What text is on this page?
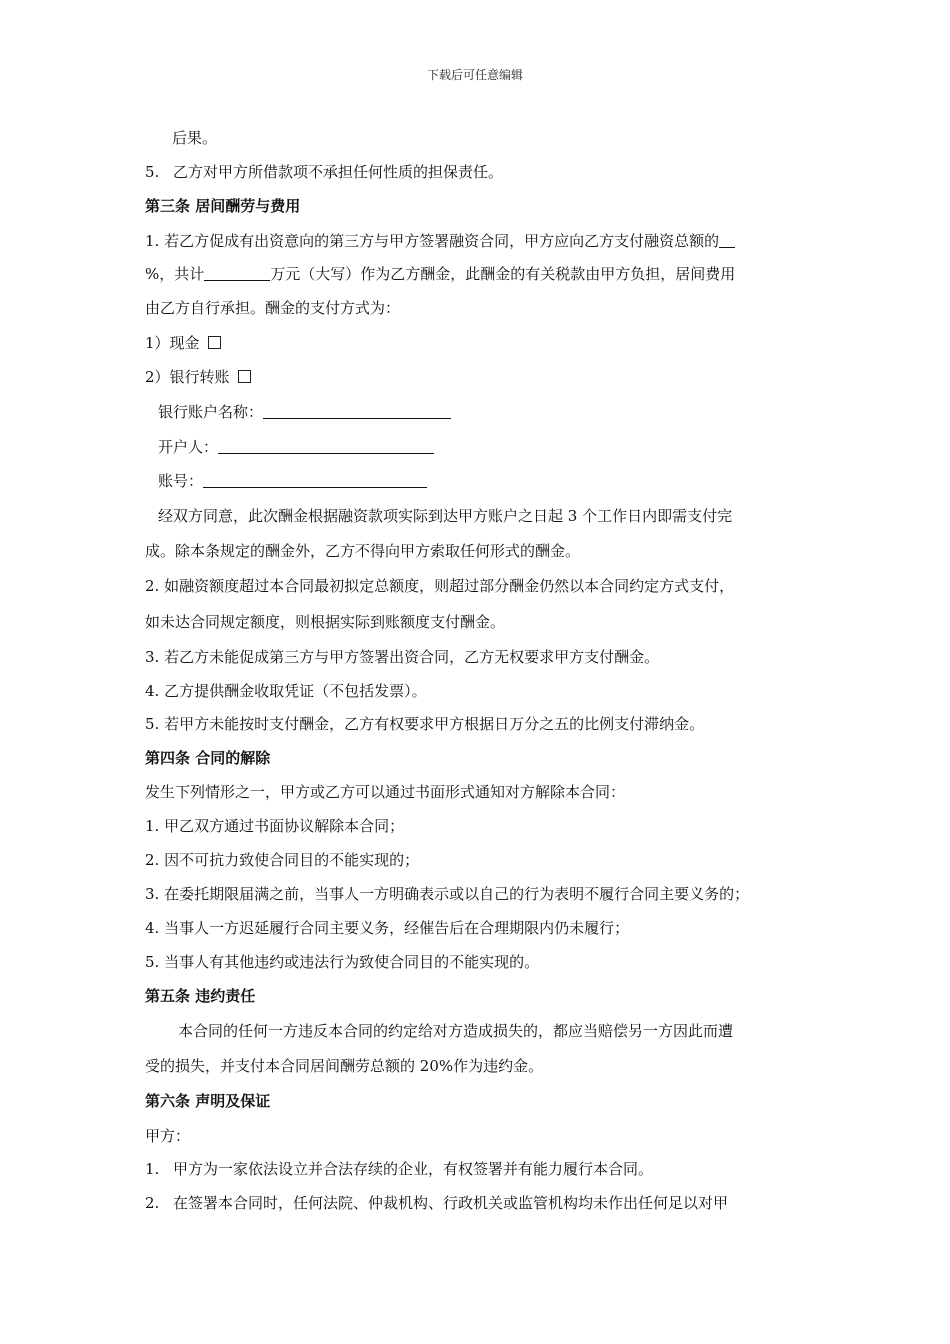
下载后可任意编辑
后果。
5. 乙方对甲方所借款项不承担任何性质的担保责任。
第三条 居间酬劳与费用
1. 若乙方促成有出资意向的第三方与甲方签署融资合同，甲方应向乙方支付融资总额的
%，共计	万元（大写）作为乙方酬金，此酬金的有关税款由甲方负担，居间费用
由乙方自行承担。酬金的支付方式为：
1）现金
2）银行转账
银行账户名称：
开户人：
账号：
经双方同意，此次酬金根据融资款项实际到达甲方账户之日起 3 个工作日内即需支付完
成。除本条规定的酬金外，乙方不得向甲方索取任何形式的酬金。
2. 如融资额度超过本合同最初拟定总额度，则超过部分酬金仍然以本合同约定方式支付，
如未达合同规定额度，则根据实际到账额度支付酬金。
3. 若乙方未能促成第三方与甲方签署出资合同，乙方无权要求甲方支付酬金。
4. 乙方提供酬金收取凭证（不包括发票）。
5. 若甲方未能按时支付酬金，乙方有权要求甲方根据日万分之五的比例支付滞纳金。
第四条 合同的解除
发生下列情形之一，甲方或乙方可以通过书面形式通知对方解除本合同：
1. 甲乙双方通过书面协议解除本合同；
2. 因不可抗力致使合同目的不能实现的；
3. 在委托期限届满之前，当事人一方明确表示或以自己的行为表明不履行合同主要义务的；
4. 当事人一方迟延履行合同主要义务，经催告后在合理期限内仍未履行；
5. 当事人有其他违约或违法行为致使合同目的不能实现的。
第五条 违约责任
本合同的任何一方违反本合同的约定给对方造成损失的，都应当赔偿另一方因此而遭
受的损失，并支付本合同居间酬劳总额的 20%作为违约金。
第六条 声明及保证
甲方：
1. 甲方为一家依法设立并合法存续的企业，有权签署并有能力履行本合同。
2. 在签署本合同时，任何法院、仲裁机构、行政机关或监管机构均未作出任何足以对甲
